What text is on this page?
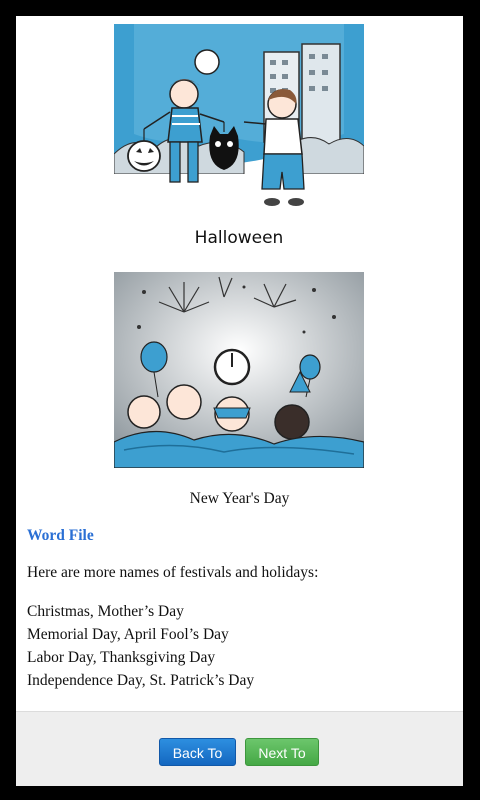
Halloween
New Year's Day
Word File
Here are more names of festivals and holidays:
Christmas, Mother’s Day
Memorial Day, April Fool’s Day
Labor Day, Thanksgiving Day
Independence Day, St. Patrick’s Day
Back To	Next To
